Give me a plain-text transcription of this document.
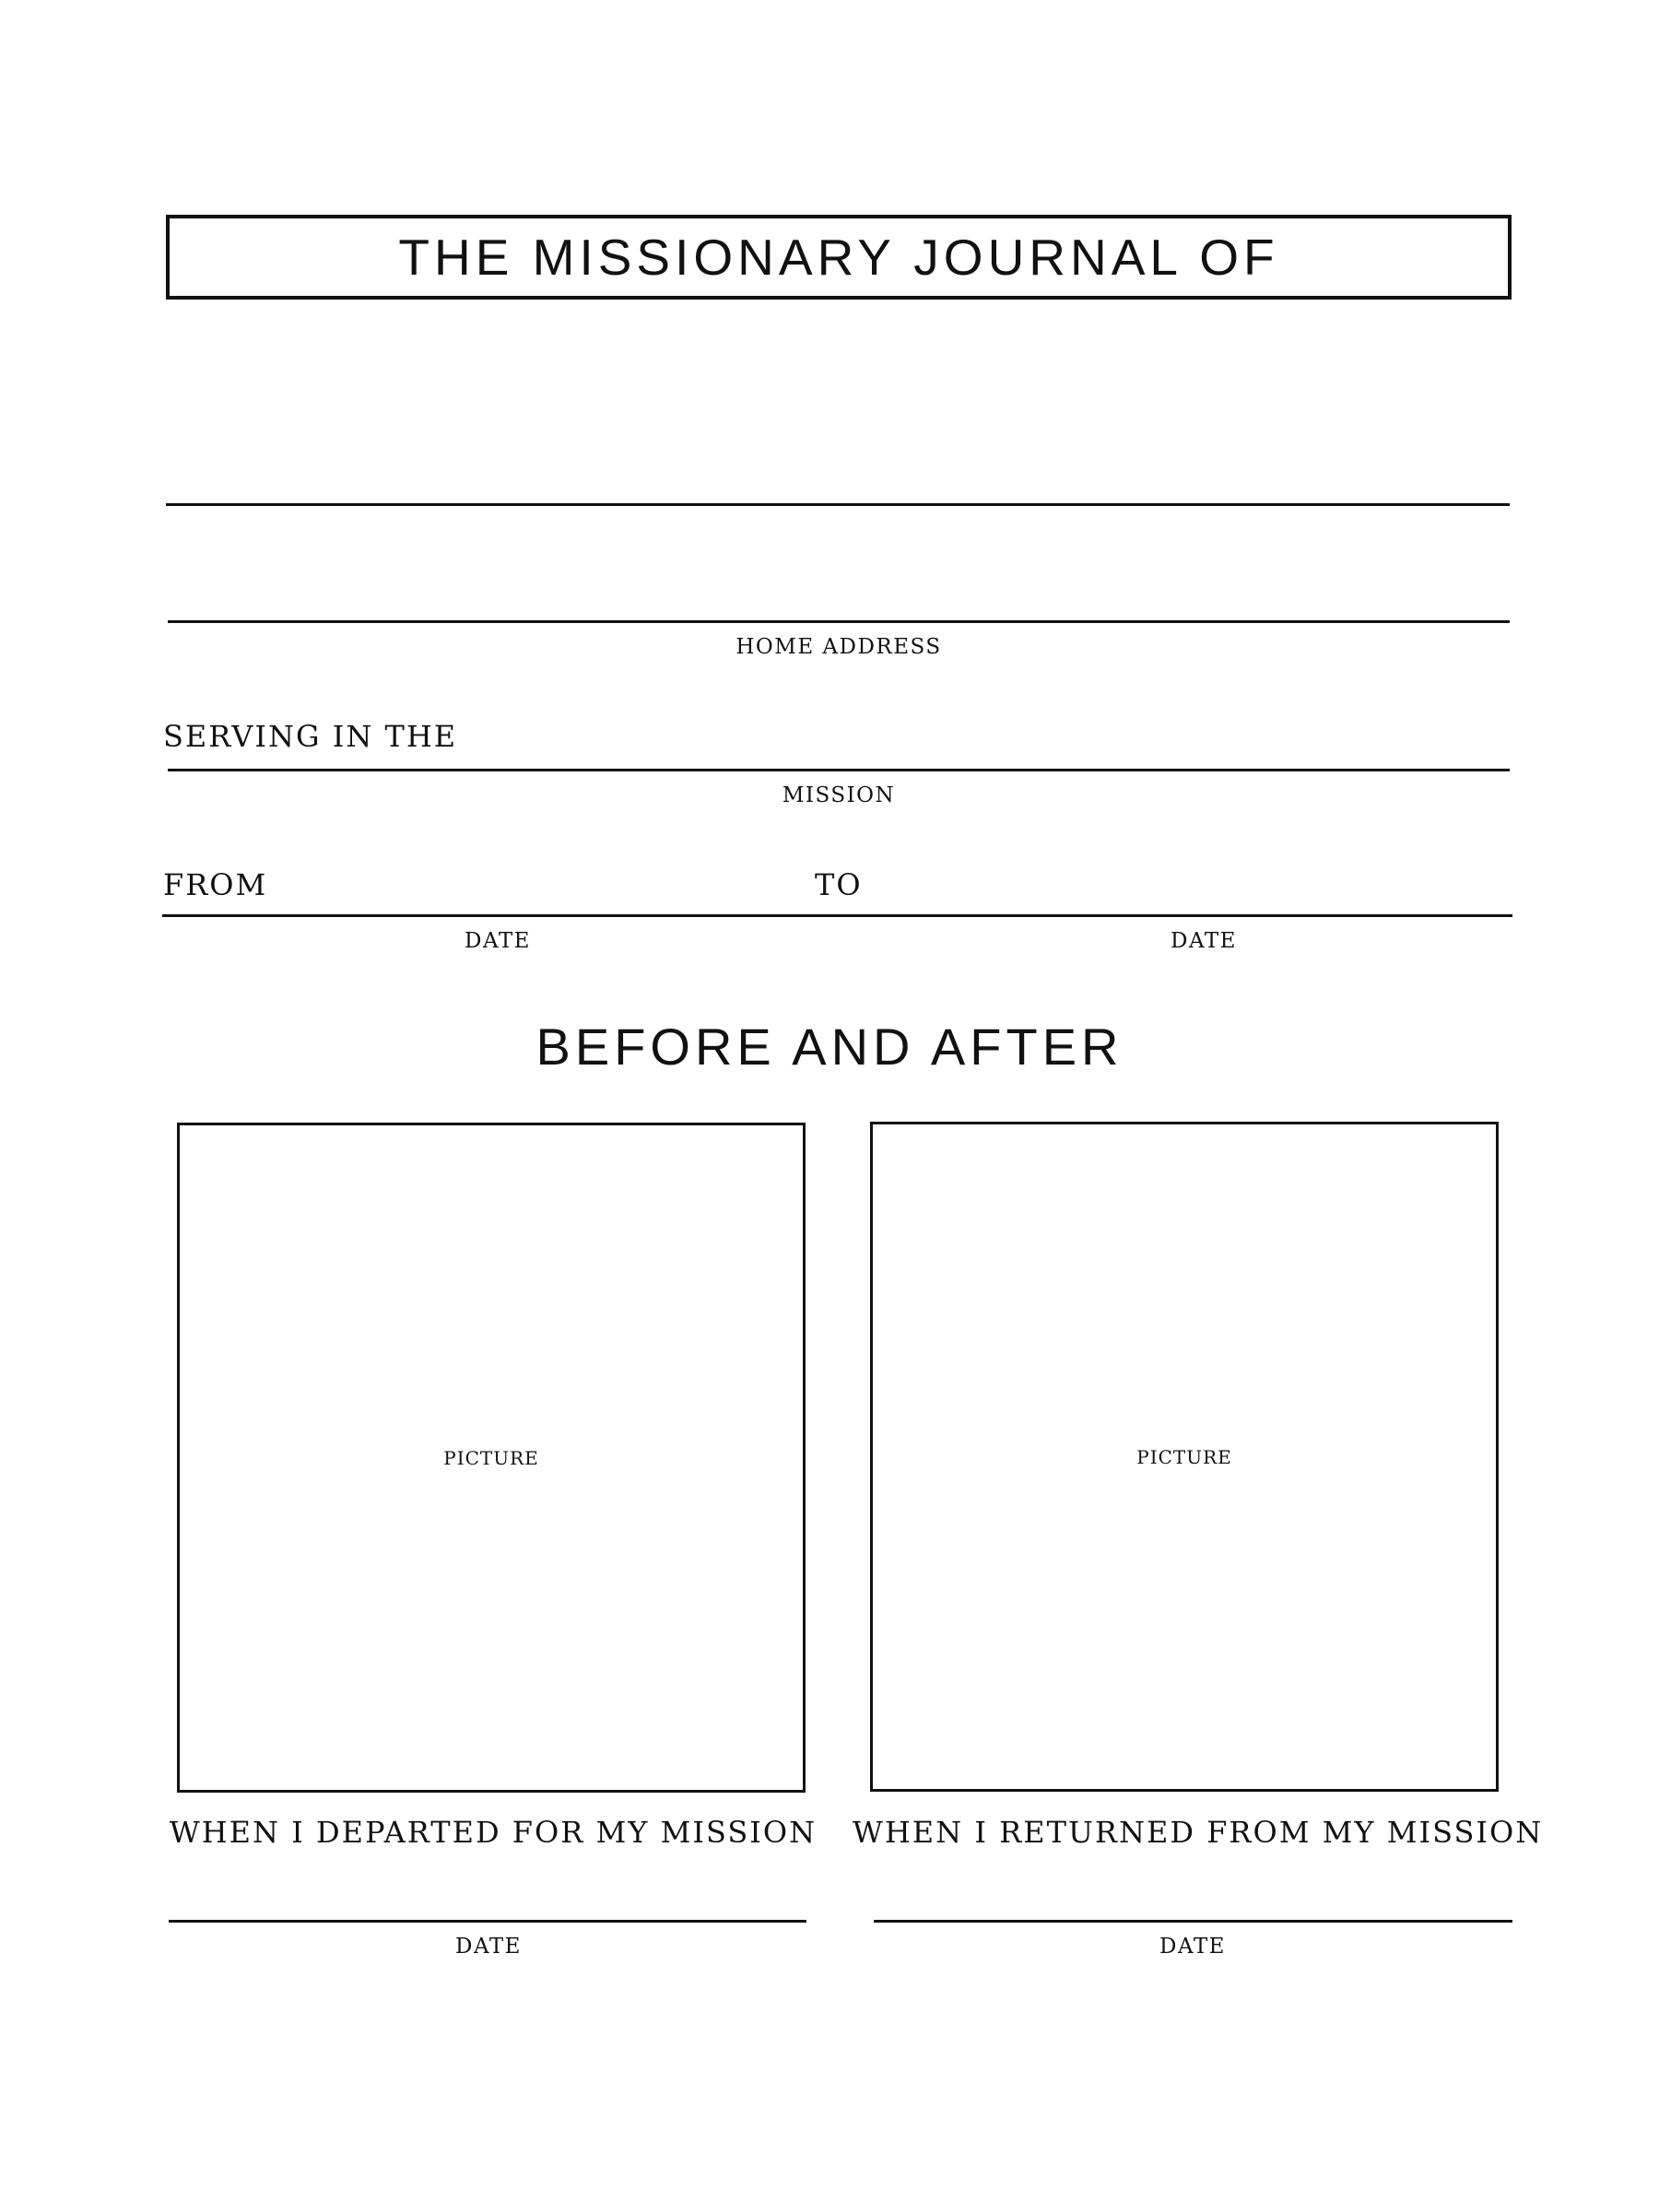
THE MISSIONARY JOURNAL OF
HOME ADDRESS
SERVING IN THE
MISSION
FROM	TO
DATE	DATE
BEFORE AND AFTER
PICTURE
WHEN I DEPARTED FOR MY MISSION
DATE
PICTURE
WHEN I RETURNED FROM MY MISSION
DATE
